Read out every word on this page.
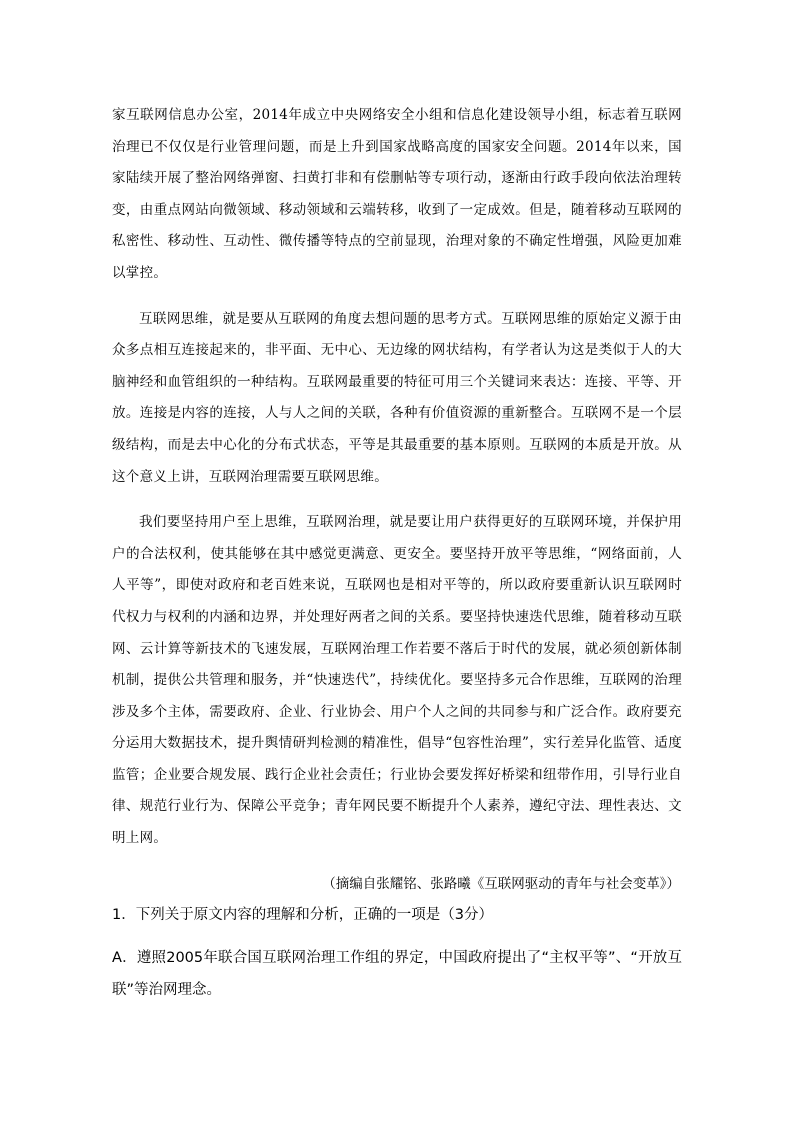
家互联网信息办公室，2014年成立中央网络安全小组和信息化建设领导小组，标志着互联网治理已不仅仅是行业管理问题，而是上升到国家战略高度的国家安全问题。2014年以来，国家陆续开展了整治网络弹窗、扫黄打非和有偿删帖等专项行动，逐渐由行政手段向依法治理转变，由重点网站向微领域、移动领域和云端转移，收到了一定成效。但是，随着移动互联网的私密性、移动性、互动性、微传播等特点的空前显现，治理对象的不确定性增强，风险更加难以掌控。

互联网思维，就是要从互联网的角度去想问题的思考方式。互联网思维的原始定义源于由众多点相互连接起来的，非平面、无中心、无边缘的网状结构，有学者认为这是类似于人的大脑神经和血管组织的一种结构。互联网最重要的特征可用三个关键词来表达：连接、平等、开放。连接是内容的连接，人与人之间的关联，各种有价值资源的重新整合。互联网不是一个层级结构，而是去中心化的分布式状态，平等是其最重要的基本原则。互联网的本质是开放。从这个意义上讲，互联网治理需要互联网思维。

我们要坚持用户至上思维，互联网治理，就是要让用户获得更好的互联网环境，并保护用户的合法权利，使其能够在其中感觉更满意、更安全。要坚持开放平等思维，“网络面前，人人平等”，即使对政府和老百姓来说，互联网也是相对平等的，所以政府要重新认识互联网时代权力与权利的内涵和边界，并处理好两者之间的关系。要坚持快速迭代思维，随着移动互联网、云计算等新技术的飞速发展，互联网治理工作若要不落后于时代的发展，就必须创新体制机制，提供公共管理和服务，并“快速迭代”，持续优化。要坚持多元合作思维，互联网的治理涉及多个主体，需要政府、企业、行业协会、用户个人之间的共同参与和广泛合作。政府要充分运用大数据技术，提升舆情研判检测的精准性，倡导“包容性治理”，实行差异化监管、适度监管；企业要合规发展、践行企业社会责任；行业协会要发挥好桥梁和纽带作用，引导行业自律、规范行业行为、保障公平竞争；青年网民要不断提升个人素养，遵纪守法、理性表达、文明上网。

（摘编自张耀铭、张路曦《互联网驱动的青年与社会变革》）

1．下列关于原文内容的理解和分析，正确的一项是（3分）

A．遵照2005年联合国互联网治理工作组的界定，中国政府提出了“主权平等”、“开放互联”等治网理念。
